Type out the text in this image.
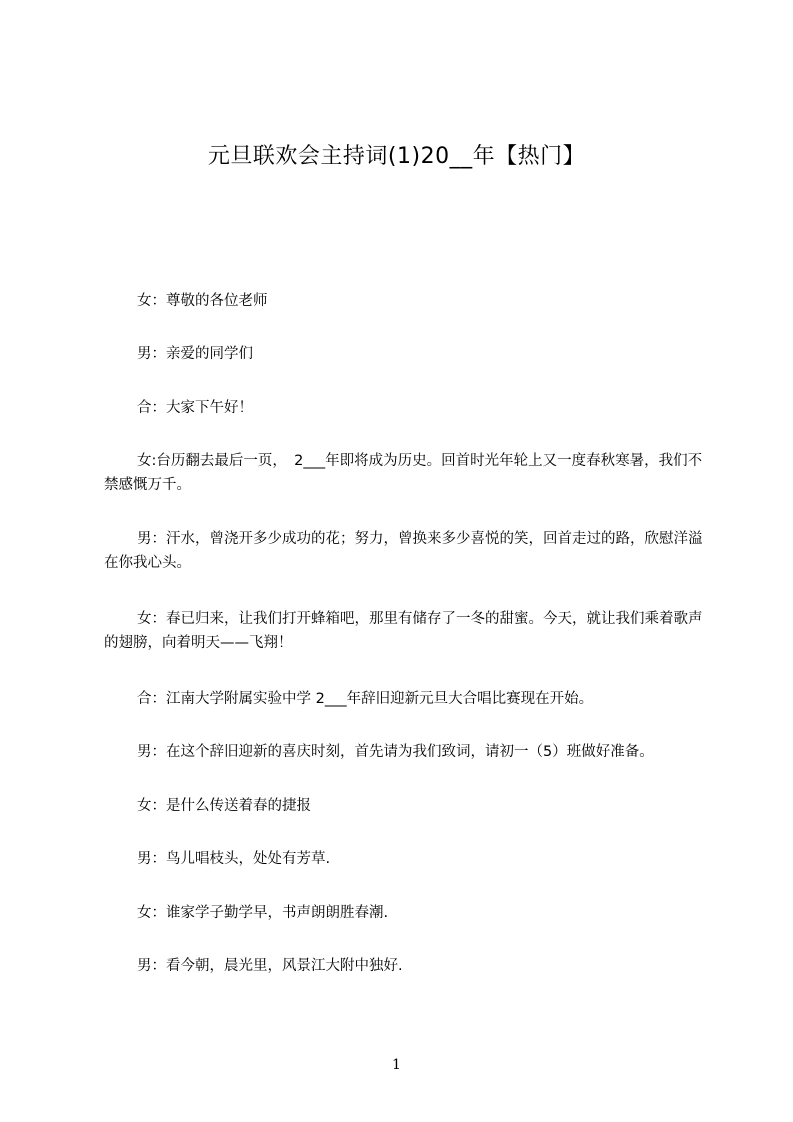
元旦联欢会主持词(1)20__年【热门】

女：尊敬的各位老师

男：亲爱的同学们

合：大家下午好！

女:台历翻去最后一页，　2___年即将成为历史。回首时光年轮上又一度春秋寒暑，我们不禁感慨万千。

男：汗水，曾浇开多少成功的花；努力，曾换来多少喜悦的笑，回首走过的路，欣慰洋溢在你我心头。

女：春已归来，让我们打开蜂箱吧，那里有储存了一冬的甜蜜。今天，就让我们乘着歌声的翅膀，向着明天——飞翔！

合：江南大学附属实验中学 2___年辞旧迎新元旦大合唱比赛现在开始。

男：在这个辞旧迎新的喜庆时刻，首先请为我们致词，请初一（5）班做好准备。

女：是什么传送着春的捷报

男：鸟儿唱枝头，处处有芳草.

女：谁家学子勤学早，书声朗朗胜春潮.

男：看今朝，晨光里，风景江大附中独好.

1
